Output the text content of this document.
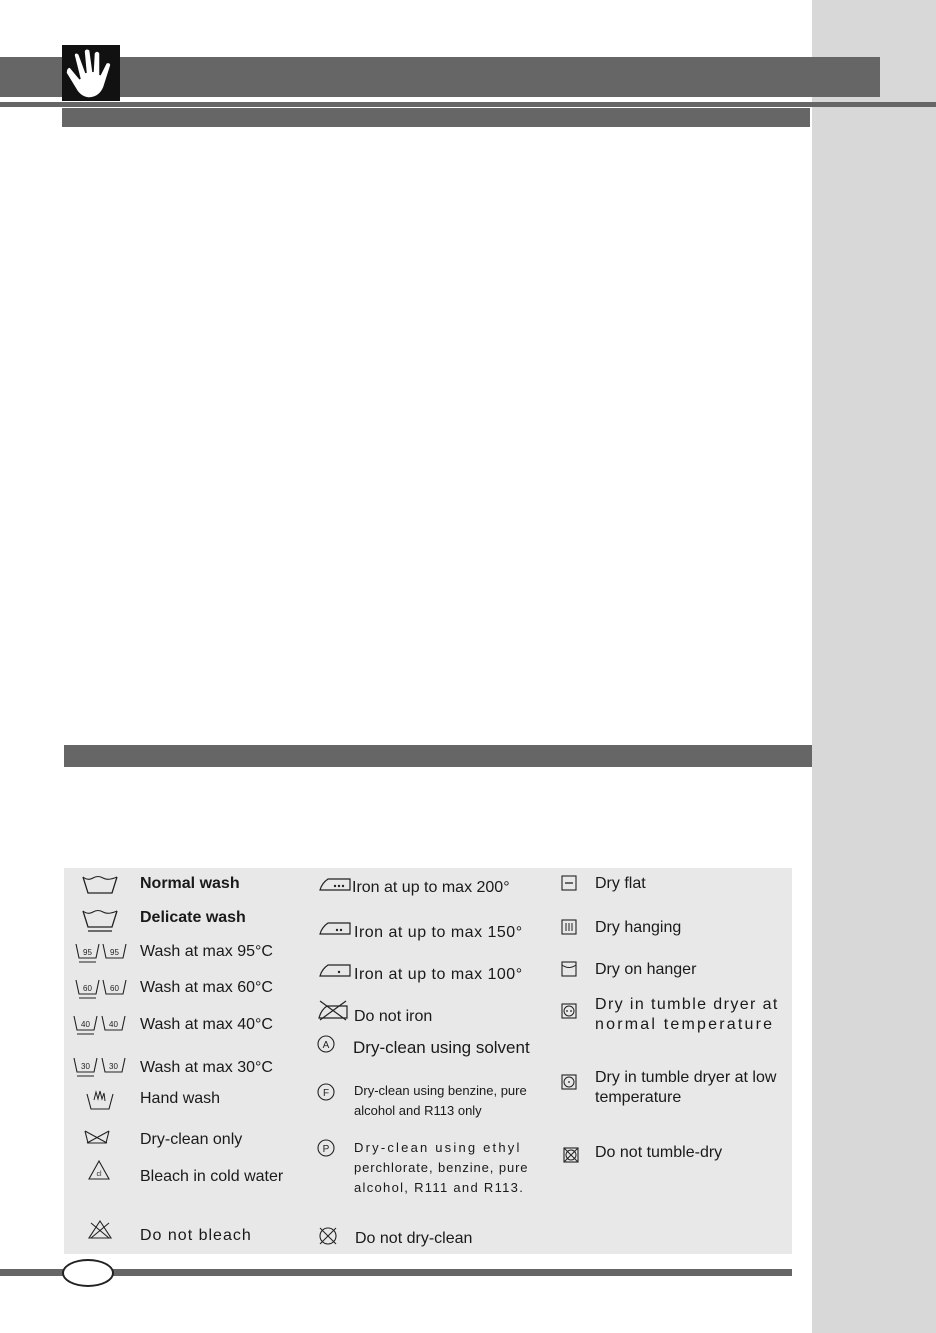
Normal wash
Delicate wash
95 95 Wash at max 95°C
60 60 Wash at max 60°C
40 40 Wash at max 40°C
30 30 Wash at max 30°C
Hand wash
Dry-clean only
cl Bleach in cold water
Do not bleach
Iron at up to max 200°
Iron at up to max 150°
Iron at up to max 100°
Do not iron
A Dry-clean using solvent
F Dry-clean using benzine, pure
alcohol and R113 only
P Dry-clean using ethyl
perchlorate, benzine, pure
alcohol, R111 and R113.
Do not dry-clean
Dry flat
Dry hanging
Dry on hanger
Dry in tumble dryer at
normal temperature
Dry in tumble dryer at low
temperature
Do not tumble-dry
